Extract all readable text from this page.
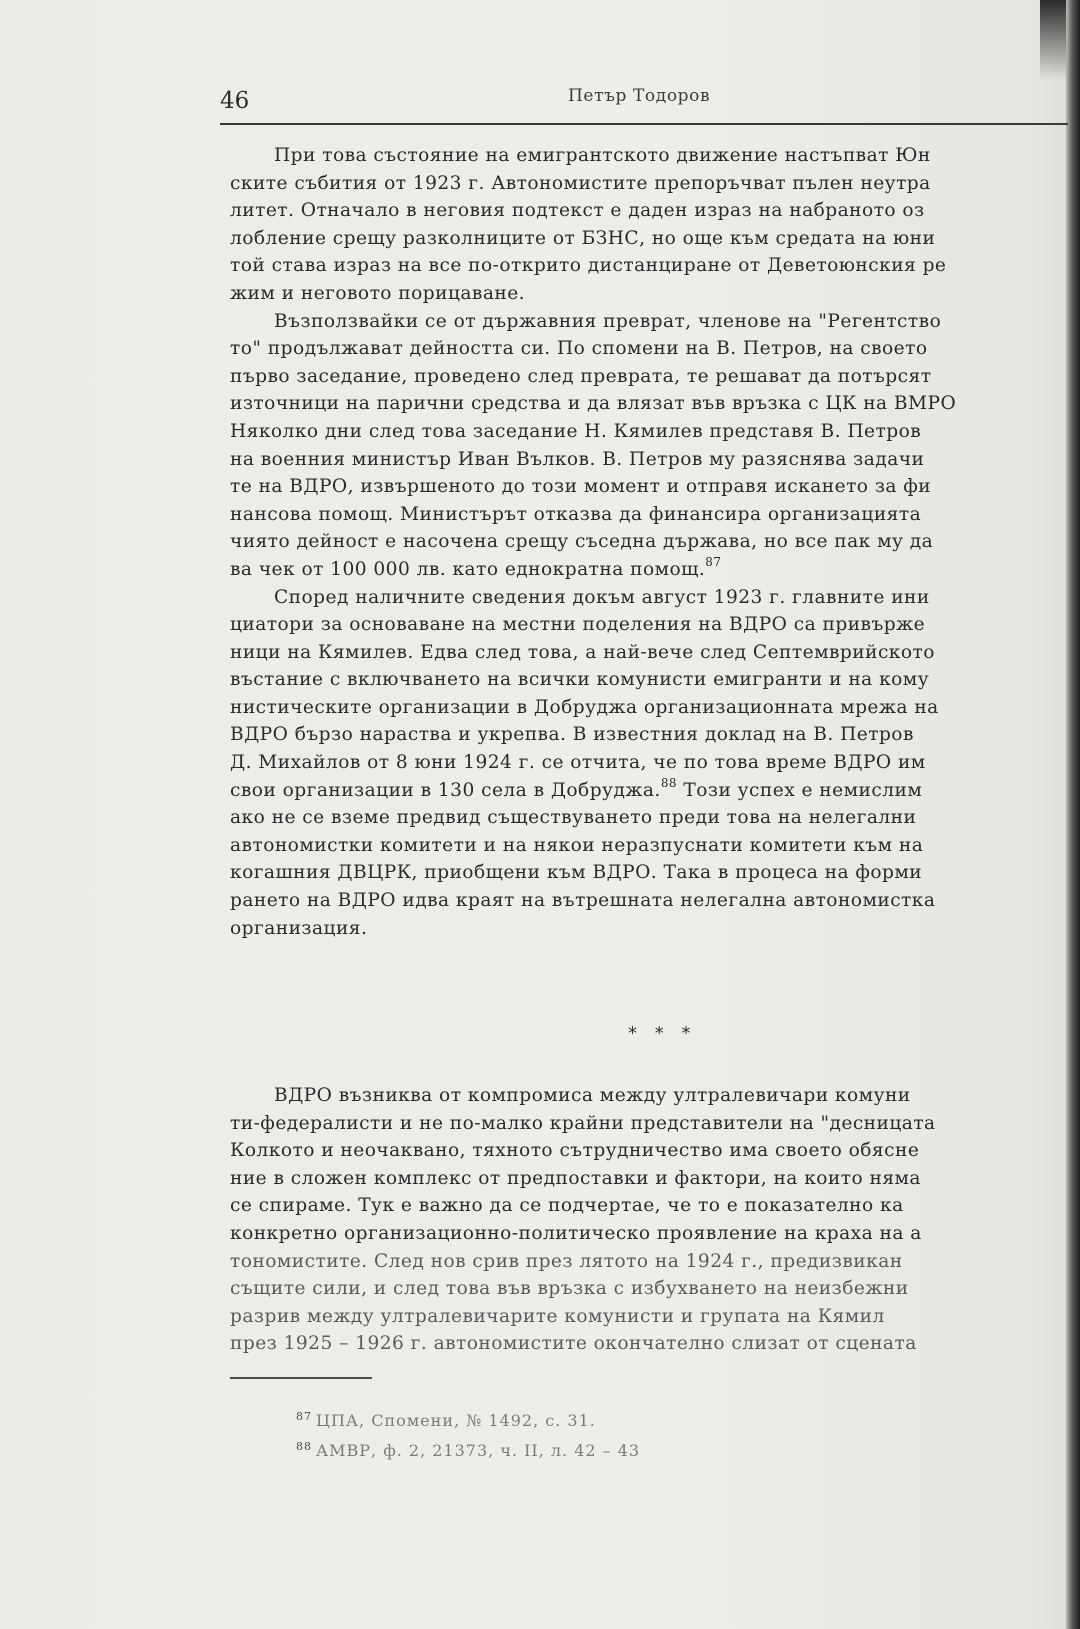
46	Петър Тодоров

При това състояние на емигрантското движение настъпват Юн
ските събития от 1923 г. Автономистите препоръчват пълен неутра
литет. Отначало в неговия подтекст е даден израз на набраното оз
лобление срещу разколниците от БЗНС, но още към средата на юни
той става израз на все по-открито дистанциране от Деветоюнския ре
жим и неговото порицаване.

Възползвайки се от държавния преврат, членове на "Регентство
то" продължават дейността си. По спомени на В. Петров, на своето
първо заседание, проведено след преврата, те решават да потърсят
източници на парични средства и да влязат във връзка с ЦК на ВМРО
Няколко дни след това заседание Н. Кямилев представя В. Петров
на военния министър Иван Вълков. В. Петров му разяснява задачи
те на ВДРО, извършеното до този момент и отправя искането за фи
нансова помощ. Министърът отказва да финансира организацията
чиято дейност е насочена срещу съседна държава, но все пак му да
ва чек от 100 000 лв. като еднократна помощ.$^{87}$

Според наличните сведения докъм август 1923 г. главните ини
циатори за основаване на местни поделения на ВДРО са привърже
ници на Кямилев. Едва след това, а най-вече след Септемврийското
въстание с включването на всички комунисти емигранти и на кому
нистическите организации в Добруджа организационната мрежа на
ВДРО бързо нараства и укрепва. В известния доклад на В. Петров
Д. Михайлов от 8 юни 1924 г. се отчита, че по това време ВДРО им
свои организации в 130 села в Добруджа.$^{88}$ Този успех е немислим
ако не се вземе предвид съществуването преди това на нелегални
автономистки комитети и на някои неразпуснати комитети към на
когашния ДВЦРК, приобщени към ВДРО. Така в процеса на форми
рането на ВДРО идва краят на вътрешната нелегална автономистка
организация.

* * *

ВДРО възниква от компромиса между ултралевичари комуни
ти-федералисти и не по-малко крайни представители на "десницата
Колкото и неочаквано, тяхното сътрудничество има своето обясне
ние в сложен комплекс от предпоставки и фактори, на които няма
се спираме. Тук е важно да се подчертае, че то е показателно ка
конкретно организационно-политическо проявление на краха на а
тономистите. След нов срив през лятото на 1924 г., предизвикан
същите сили, и след това във връзка с избухването на неизбежни
разрив между ултралевичарите комунисти и групата на Кямил
през 1925 – 1926 г. автономистите окончателно слизат от сцената

$^{87}$ ЦПА, Спомени, № 1492, с. 31.
$^{88}$ АМВР, ф. 2, 21373, ч. II, л. 42 – 43
